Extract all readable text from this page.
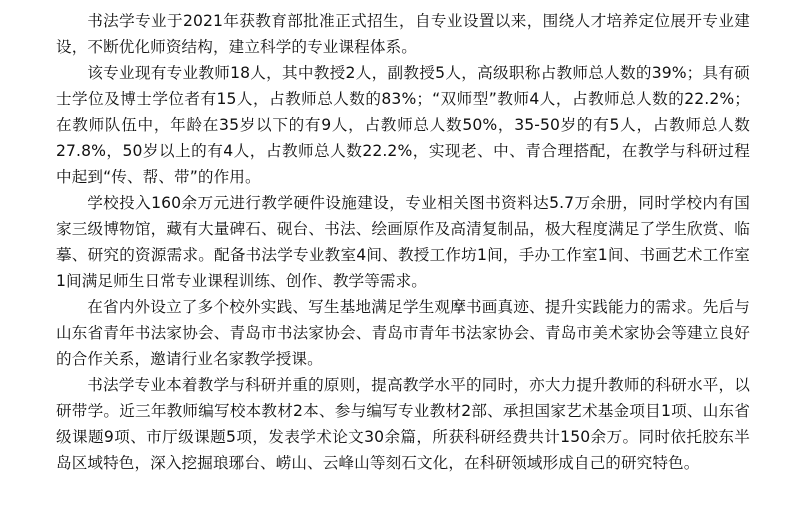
书法学专业于2021年获教育部批准正式招生，自专业设置以来，围绕人才培养定位展开专业建设，不断优化师资结构，建立科学的专业课程体系。

该专业现有专业教师18人，其中教授2人，副教授5人，高级职称占教师总人数的39%；具有硕士学位及博士学位者有15人，占教师总人数的83%；“双师型”教师4人，占教师总人数的22.2%；在教师队伍中，年龄在35岁以下的有9人，占教师总人数50%，35-50岁的有5人，占教师总人数27.8%，50岁以上的有4人，占教师总人数22.2%，实现老、中、青合理搭配，在教学与科研过程中起到“传、帮、带”的作用。

学校投入160余万元进行教学硬件设施建设，专业相关图书资料达5.7万余册，同时学校内有国家三级博物馆，藏有大量碑石、砚台、书法、绘画原作及高清复制品，极大程度满足了学生欣赏、临摹、研究的资源需求。配备书法学专业教室4间、教授工作坊1间，手办工作室1间、书画艺术工作室1间满足师生日常专业课程训练、创作、教学等需求。

在省内外设立了多个校外实践、写生基地满足学生观摩书画真迹、提升实践能力的需求。先后与山东省青年书法家协会、青岛市书法家协会、青岛市青年书法家协会、青岛市美术家协会等建立良好的合作关系，邀请行业名家教学授课。

书法学专业本着教学与科研并重的原则，提高教学水平的同时，亦大力提升教师的科研水平，以研带学。近三年教师编写校本教材2本、参与编写专业教材2部、承担国家艺术基金项目1项、山东省级课题9项、市厅级课题5项，发表学术论文30余篇，所获科研经费共计150余万。同时依托胶东半岛区域特色，深入挖掘琅琊台、崂山、云峰山等刻石文化，在科研领域形成自己的研究特色。
